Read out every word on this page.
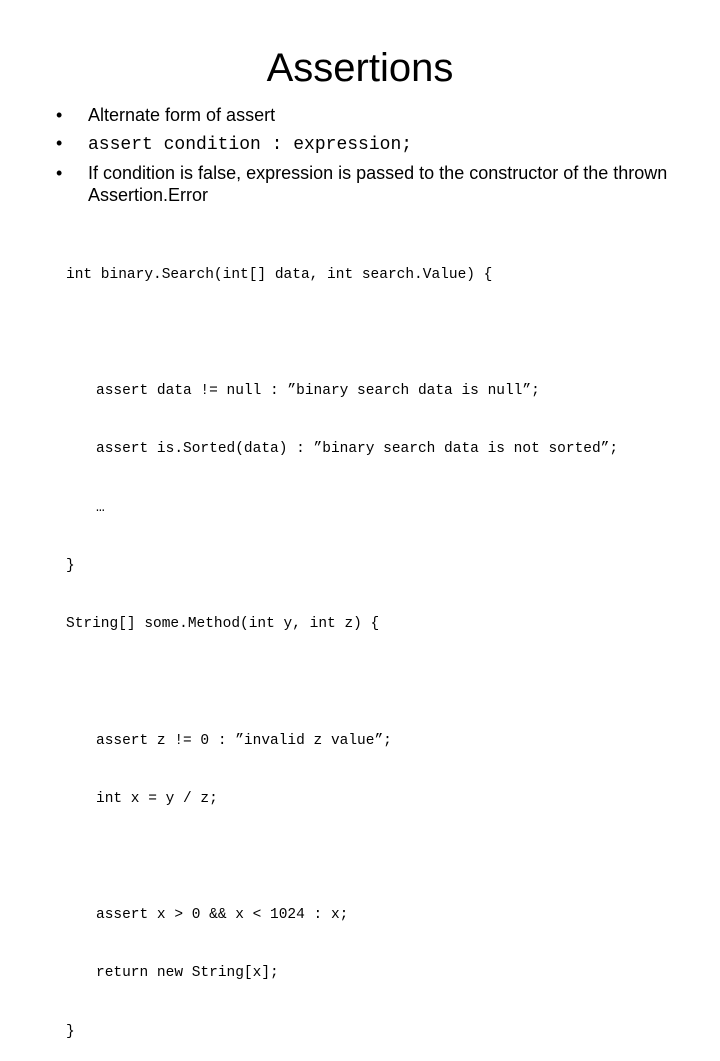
Assertions
• Alternate form of assert
• assert condition : expression;
• If condition is false, expression is passed to the constructor of the thrown Assertion.Error

int binary.Search(int[] data, int search.Value) {

assert data != null : ”binary search data is null”;

assert is.Sorted(data) : ”binary search data is not sorted”;

…

}

String[] some.Method(int y, int z) {

assert z != 0 : ”invalid z value”;

int x = y / z;

assert x > 0 && x < 1024 : x;

return new String[x];

}
